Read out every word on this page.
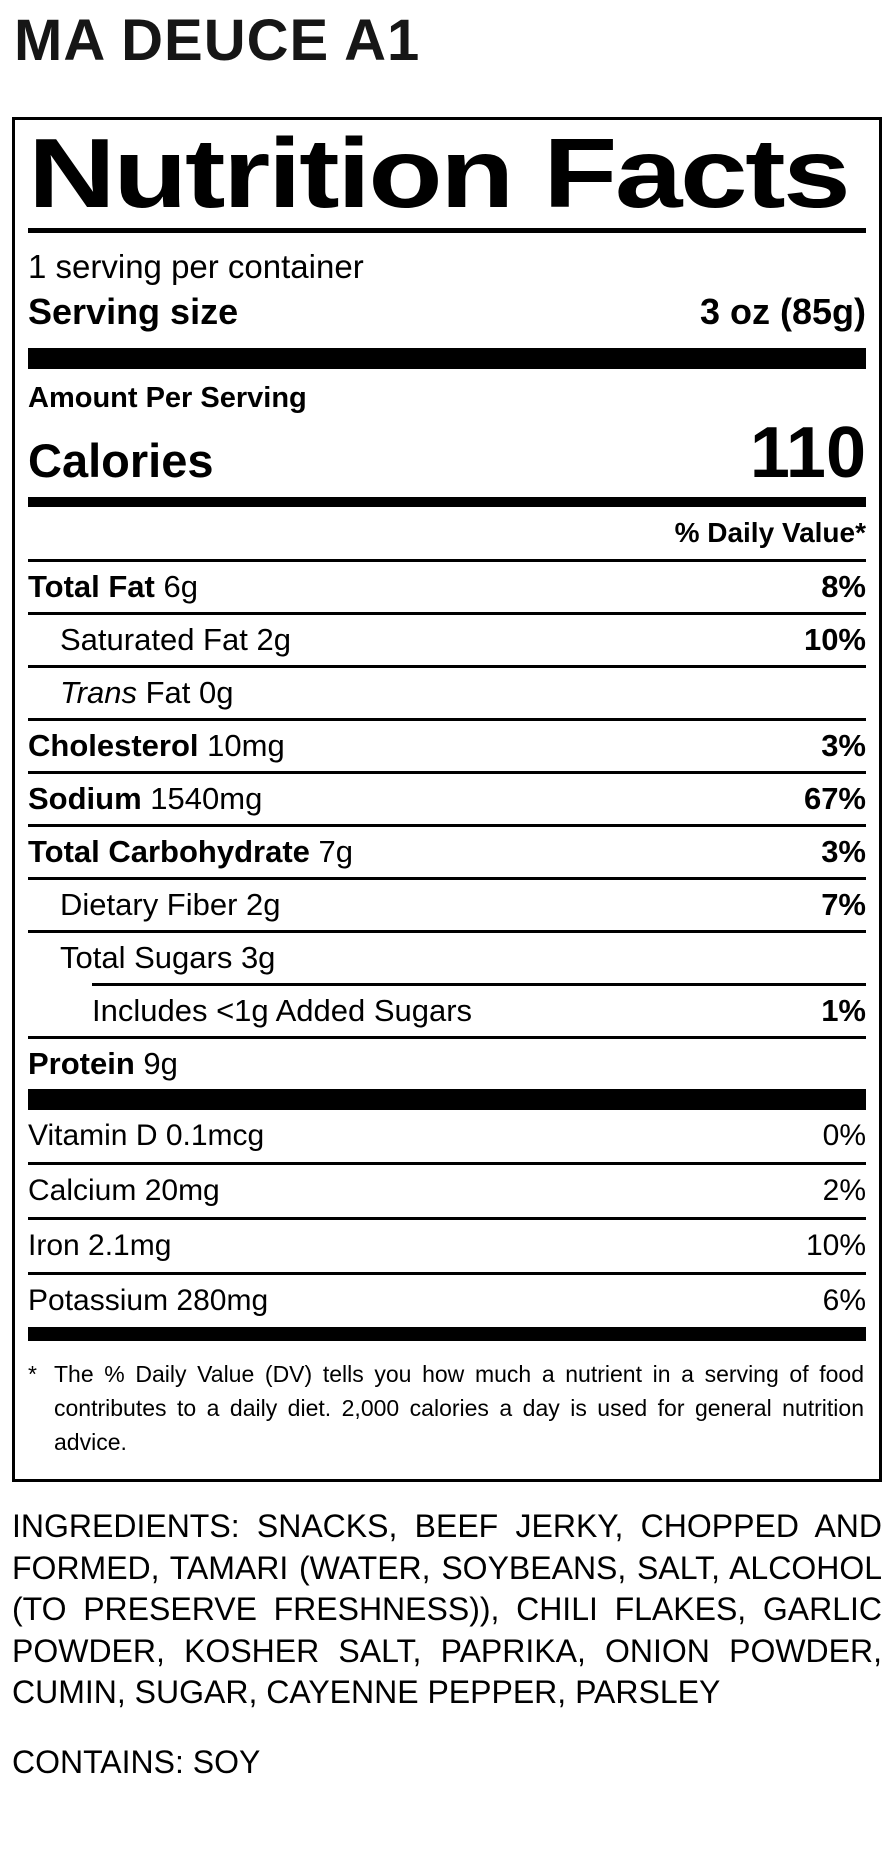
MA DEUCE A1
Nutrition Facts
1 serving per container
Serving size	3 oz (85g)
Amount Per Serving
Calories	110
% Daily Value*
Total Fat 6g	8%
Saturated Fat 2g	10%
Trans Fat 0g
Cholesterol 10mg	3%
Sodium 1540mg	67%
Total Carbohydrate 7g	3%
Dietary Fiber 2g	7%
Total Sugars 3g
Includes <1g Added Sugars	1%
Protein 9g
Vitamin D 0.1mcg	0%
Calcium 20mg	2%
Iron 2.1mg	10%
Potassium 280mg	6%
* The % Daily Value (DV) tells you how much a nutrient in a serving of food contributes to a daily diet. 2,000 calories a day is used for general nutrition advice.

INGREDIENTS: SNACKS, BEEF JERKY, CHOPPED AND FORMED, TAMARI (WATER, SOYBEANS, SALT, ALCOHOL (TO PRESERVE FRESHNESS)), CHILI FLAKES, GARLIC POWDER, KOSHER SALT, PAPRIKA, ONION POWDER, CUMIN, SUGAR, CAYENNE PEPPER, PARSLEY

CONTAINS: SOY
